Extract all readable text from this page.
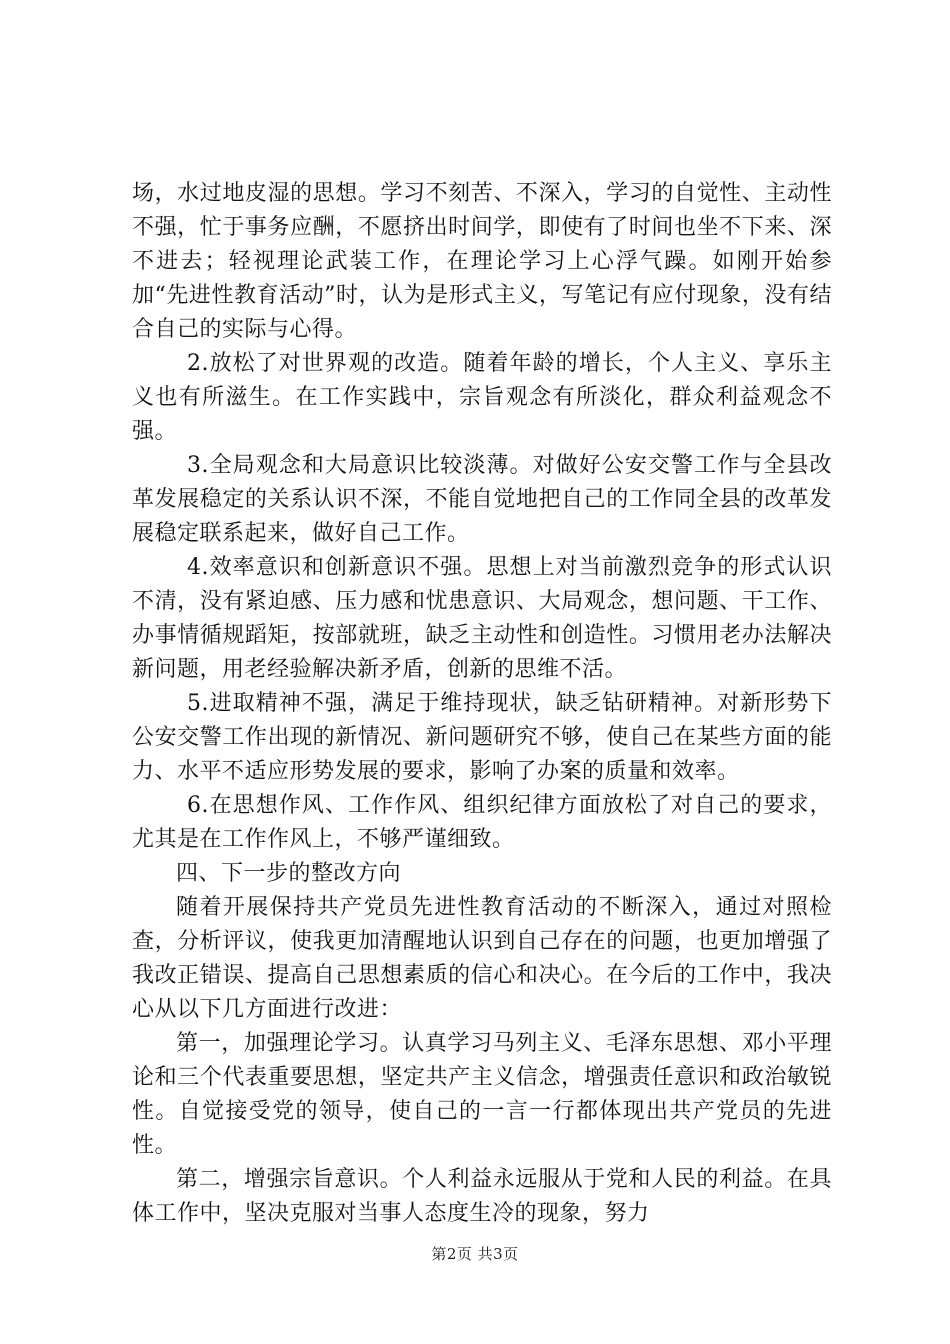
场，水过地皮湿的思想。学习不刻苦、不深入，学习的自觉性、主动性不强，忙于事务应酬，不愿挤出时间学，即使有了时间也坐不下来、深不进去；轻视理论武装工作，在理论学习上心浮气躁。如刚开始参加“先进性教育活动”时，认为是形式主义，写笔记有应付现象，没有结合自己的实际与心得。

2.放松了对世界观的改造。随着年龄的增长，个人主义、享乐主义也有所滋生。在工作实践中，宗旨观念有所淡化，群众利益观念不强。

3.全局观念和大局意识比较淡薄。对做好公安交警工作与全县改革发展稳定的关系认识不深，不能自觉地把自己的工作同全县的改革发展稳定联系起来，做好自己工作。

4.效率意识和创新意识不强。思想上对当前激烈竞争的形式认识不清，没有紧迫感、压力感和忧患意识、大局观念，想问题、干工作、办事情循规蹈矩，按部就班，缺乏主动性和创造性。习惯用老办法解决新问题，用老经验解决新矛盾，创新的思维不活。

5.进取精神不强，满足于维持现状，缺乏钻研精神。对新形势下公安交警工作出现的新情况、新问题研究不够，使自己在某些方面的能力、水平不适应形势发展的要求，影响了办案的质量和效率。

6.在思想作风、工作作风、组织纪律方面放松了对自己的要求，尤其是在工作作风上，不够严谨细致。

四、下一步的整改方向

随着开展保持共产党员先进性教育活动的不断深入，通过对照检查，分析评议，使我更加清醒地认识到自己存在的问题，也更加增强了我改正错误、提高自己思想素质的信心和决心。在今后的工作中，我决心从以下几方面进行改进：

第一，加强理论学习。认真学习马列主义、毛泽东思想、邓小平理论和三个代表重要思想，坚定共产主义信念，增强责任意识和政治敏锐性。自觉接受党的领导，使自己的一言一行都体现出共产党员的先进性。

第二，增强宗旨意识。个人利益永远服从于党和人民的利益。在具体工作中，坚决克服对当事人态度生冷的现象，努力

第2页 共3页
